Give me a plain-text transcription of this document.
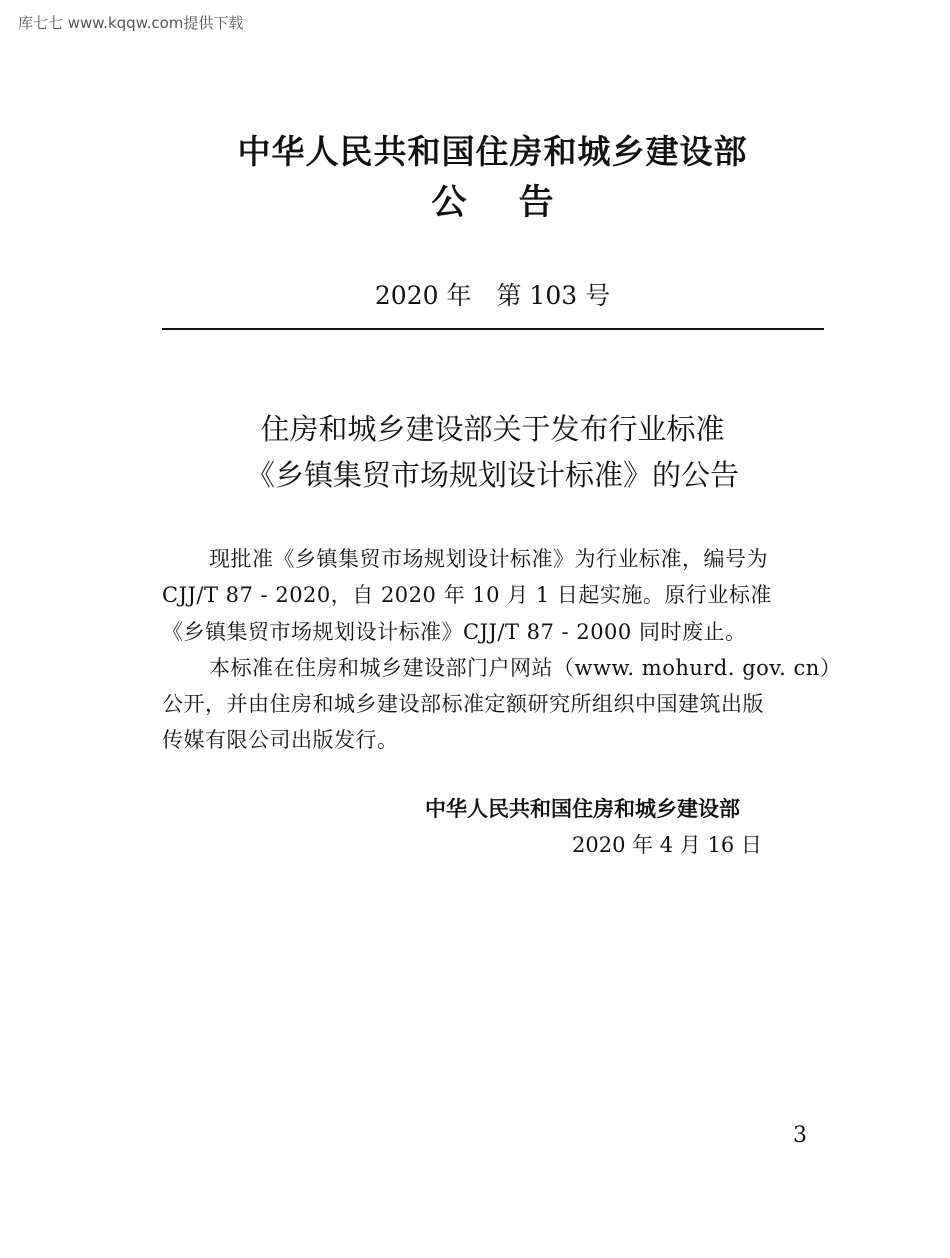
库七七 www.kqqw.com提供下载
中华人民共和国住房和城乡建设部
公告
2020 年　第 103 号
住房和城乡建设部关于发布行业标准
《乡镇集贸市场规划设计标准》的公告
现批准《乡镇集贸市场规划设计标准》为行业标准，编号为
CJJ/T 87 - 2020，自 2020 年 10 月 1 日起实施。原行业标准
《乡镇集贸市场规划设计标准》CJJ/T 87 - 2000 同时废止。
本标准在住房和城乡建设部门户网站（www. mohurd. gov. cn）
公开，并由住房和城乡建设部标准定额研究所组织中国建筑出版
传媒有限公司出版发行。
中华人民共和国住房和城乡建设部
2020 年 4 月 16 日
3
